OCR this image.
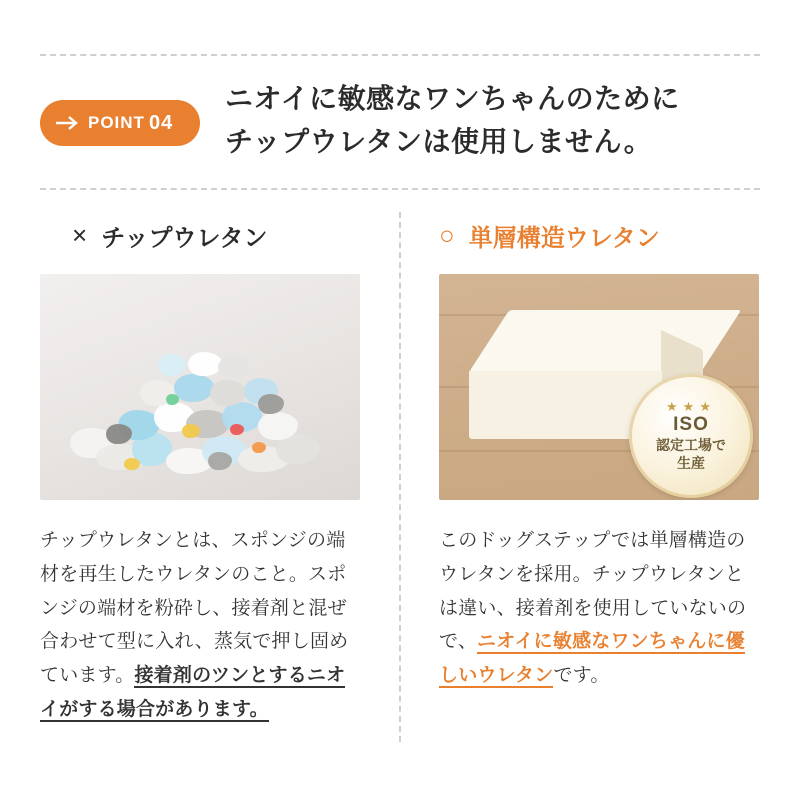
POINT 04
ニオイに敏感なワンちゃんのために
チップウレタンは使用しません。
× チップウレタン
チップウレタンとは、スポンジの端材を再生したウレタンのこと。スポンジの端材を粉砕し、接着剤と混ぜ合わせて型に入れ、蒸気で押し固めています。接着剤のツンとするニオイがする場合があります。
○ 単層構造ウレタン
★★★
ISO
認定工場で
生産
このドッグステップでは単層構造のウレタンを採用。チップウレタンとは違い、接着剤を使用していないので、ニオイに敏感なワンちゃんに優しいウレタンです。
